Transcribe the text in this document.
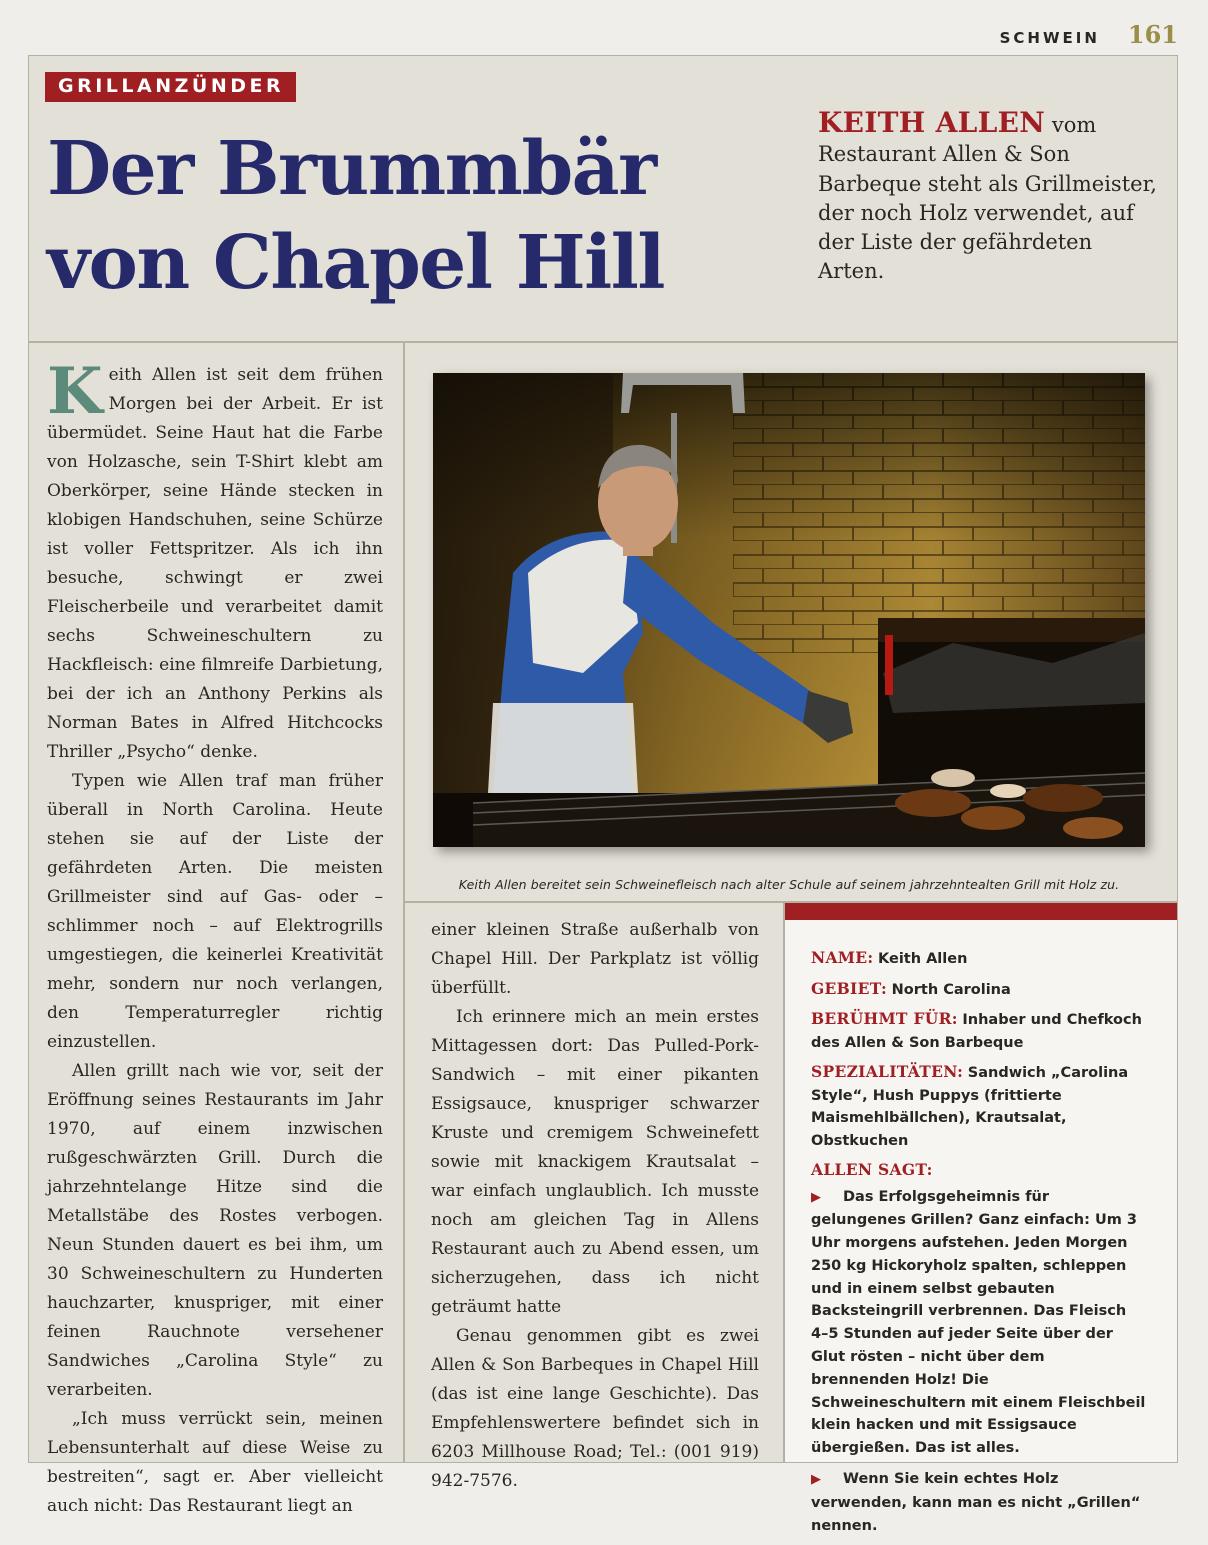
SCHWEIN 161

Keith Allen ist seit dem frühen Morgen bei der Arbeit. Er ist übermüdet. Seine Haut hat die Farbe von Holzasche, sein T-Shirt klebt am Oberkörper, seine Hände stecken in klobigen Handschuhen, seine Schürze ist voller Fettspritzer. Als ich ihn besuche, schwingt er zwei Fleischerbeile und verarbeitet damit sechs Schweineschultern zu Hackfleisch: eine filmreife Darbietung, bei der ich an Anthony Perkins als Norman Bates in Alfred Hitchcocks Thriller „Psycho“ denke.

Typen wie Allen traf man früher überall in North Carolina. Heute stehen sie auf der Liste der gefährdeten Arten. Die meisten Grillmeister sind auf Gas- oder – schlimmer noch – auf Elektrogrills umgestiegen, die keinerlei Kreativität mehr, sondern nur noch verlangen, den Temperaturregler richtig einzustellen.

Allen grillt nach wie vor, seit der Eröffnung seines Restaurants im Jahr 1970, auf einem inzwischen rußgeschwärzten Grill. Durch die jahrzehntelange Hitze sind die Metallstäbe des Rostes verbogen. Neun Stunden dauert es bei ihm, um 30 Schweineschultern zu Hunderten hauchzarter, knuspriger, mit einer feinen Rauchnote versehener Sandwiches „Carolina Style“ zu verarbeiten.

„Ich muss verrückt sein, meinen Lebensunterhalt auf diese Weise zu bestreiten“, sagt er. Aber vielleicht auch nicht: Das Restaurant liegt an

Keith Allen bereitet sein Schweinefleisch nach alter Schule auf seinem jahrzehntealten Grill mit Holz zu.

einer kleinen Straße außerhalb von Chapel Hill. Der Parkplatz ist völlig überfüllt.

Ich erinnere mich an mein erstes Mittagessen dort: Das Pulled-Pork-Sandwich – mit einer pikanten Essigsauce, knuspriger schwarzer Kruste und cremigem Schweinefett sowie mit knackigem Krautsalat – war einfach unglaublich. Ich musste noch am gleichen Tag in Allens Restaurant auch zu Abend essen, um sicherzugehen, dass ich nicht geträumt hatte

Genau genommen gibt es zwei Allen & Son Barbeques in Chapel Hill (das ist eine lange Geschichte). Das Empfehlenswertere befindet sich in 6203 Millhouse Road; Tel.: (001 919) 942-7576.

NAME: Keith Allen
GEBIET: North Carolina
BERÜHMT FÜR: Inhaber und Chefkoch des Allen & Son Barbeque
SPEZIALITÄTEN: Sandwich „Carolina Style“, Hush Puppys (frittierte Maismehlbällchen), Krautsalat, Obstkuchen
ALLEN SAGT:

▶ Das Erfolgsgeheimnis für gelungenes Grillen? Ganz einfach: Um 3 Uhr morgens aufstehen. Jeden Morgen 250 kg Hickoryholz spalten, schleppen und in einem selbst gebauten Backsteingrill verbrennen. Das Fleisch 4–5 Stunden auf jeder Seite über der Glut rösten – nicht über dem brennenden Holz! Die Schweineschultern mit einem Fleischbeil klein hacken und mit Essigsauce übergießen. Das ist alles.

▶ Wenn Sie kein echtes Holz verwenden, kann man es nicht „Grillen“ nennen.

GRILLANZÜNDER
Der Brummbär
von Chapel Hill
KEITH ALLEN vom Restaurant Allen & Son Barbeque steht als Grillmeister, der noch Holz verwendet, auf der Liste der gefährdeten Arten.
